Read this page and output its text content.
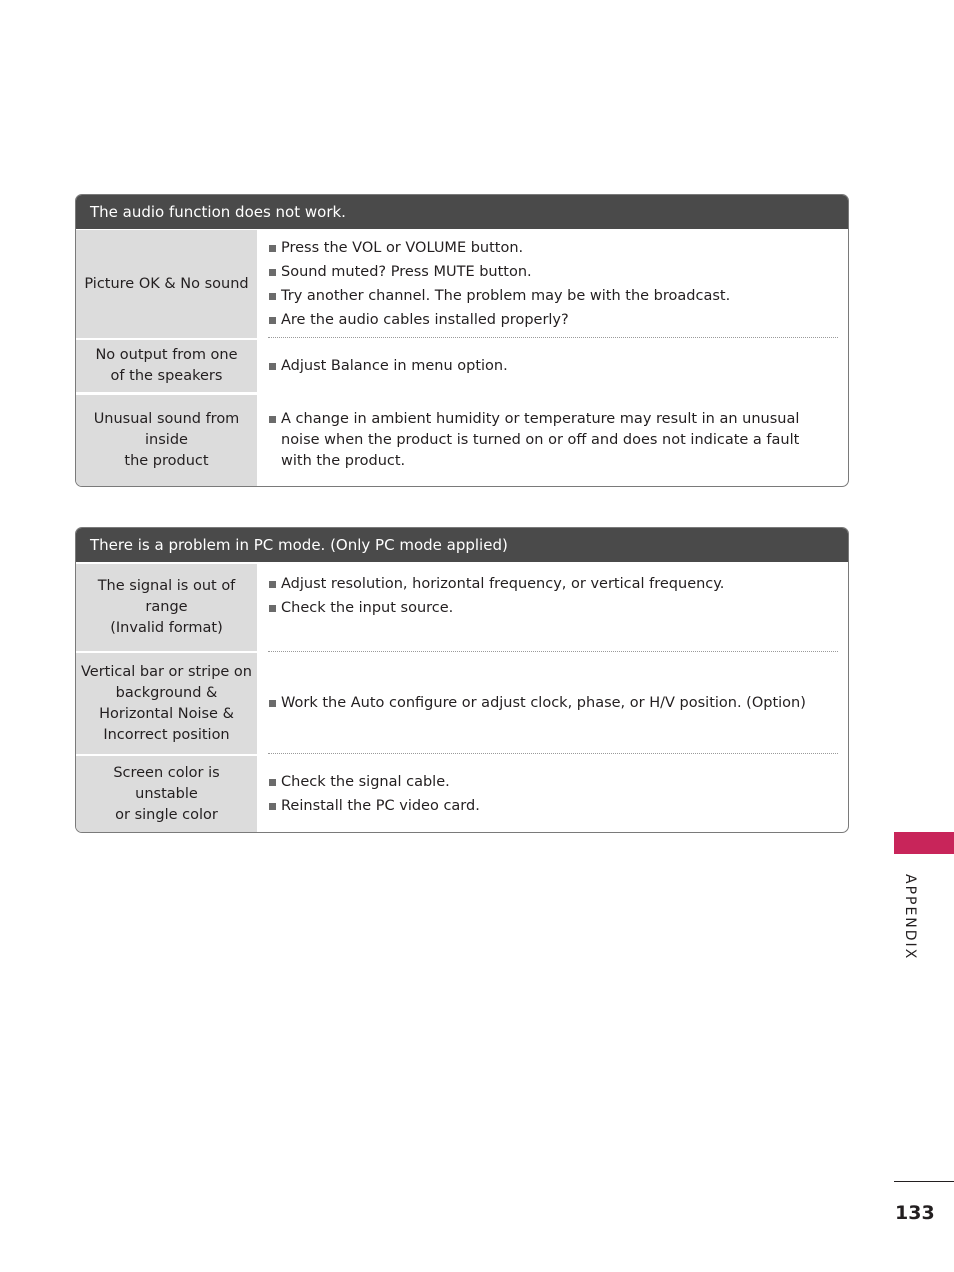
The audio function does not work.
Picture OK & No sound
Press the VOL or VOLUME button.
Sound muted? Press MUTE button.
Try another channel. The problem may be with the broadcast.
Are the audio cables installed properly?
No output from one
of the speakers
Adjust Balance in menu option.
Unusual sound from
inside
the product
A change in ambient humidity or temperature may result in an unusual noise when the product is turned on or off and does not indicate a fault with the product.
There is a problem in PC mode. (Only PC mode applied)
The signal is out of range
(Invalid format)
Adjust resolution, horizontal frequency, or vertical frequency.
Check the input source.
Vertical bar or stripe on
background &
Horizontal Noise &
Incorrect position
Work the Auto configure or adjust clock, phase, or H/V position. (Option)
Screen color is unstable
or single color
Check the signal cable.
Reinstall the PC video card.
APPENDIX
133
